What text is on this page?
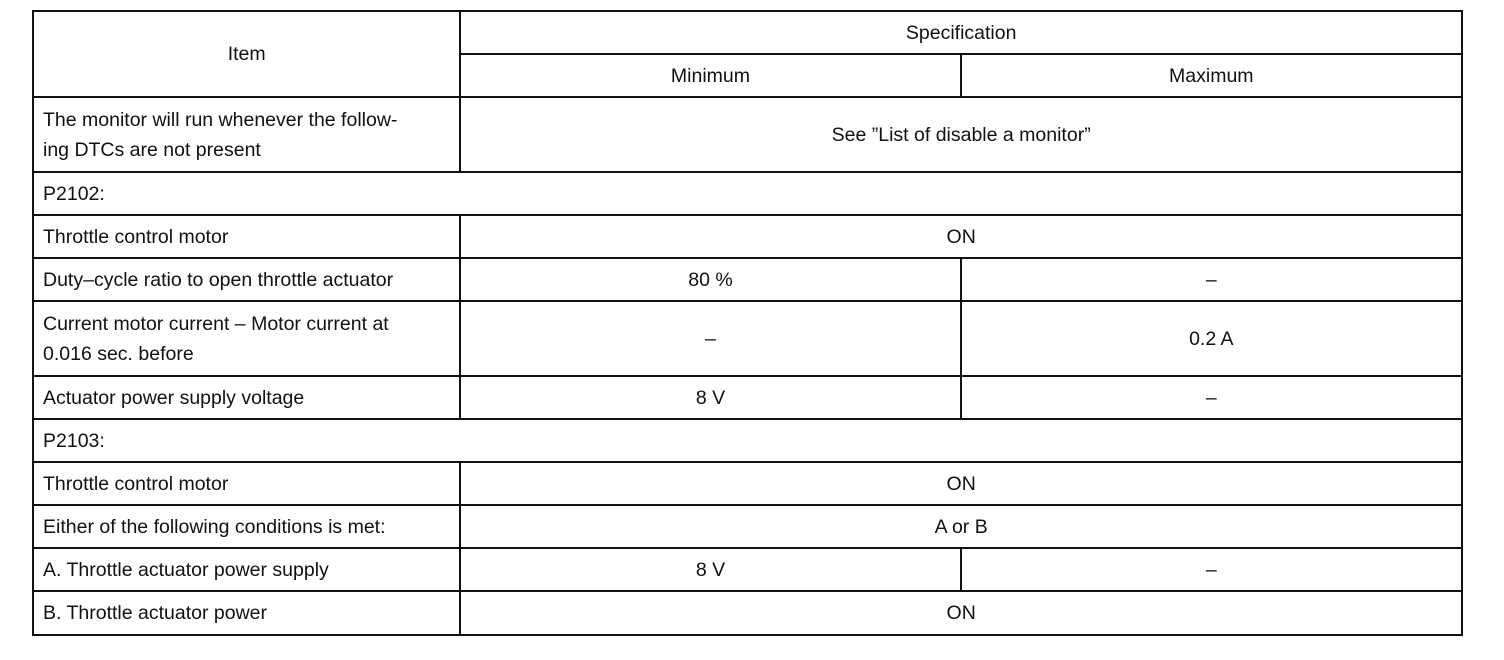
Item	Specification	
	Minimum	Maximum
The monitor will run whenever the follow-
ing DTCs are not present	See ”List of disable a monitor”	
P2102:		
Throttle control motor	ON	
Duty–cycle ratio to open throttle actuator	80 %	–
Current motor current – Motor current at
0.016 sec. before	–	0.2 A
Actuator power supply voltage	8 V	–
P2103:		
Throttle control motor	ON	
Either of the following conditions is met:	A or B	
A. Throttle actuator power supply	8 V	–
B. Throttle actuator power	ON	
